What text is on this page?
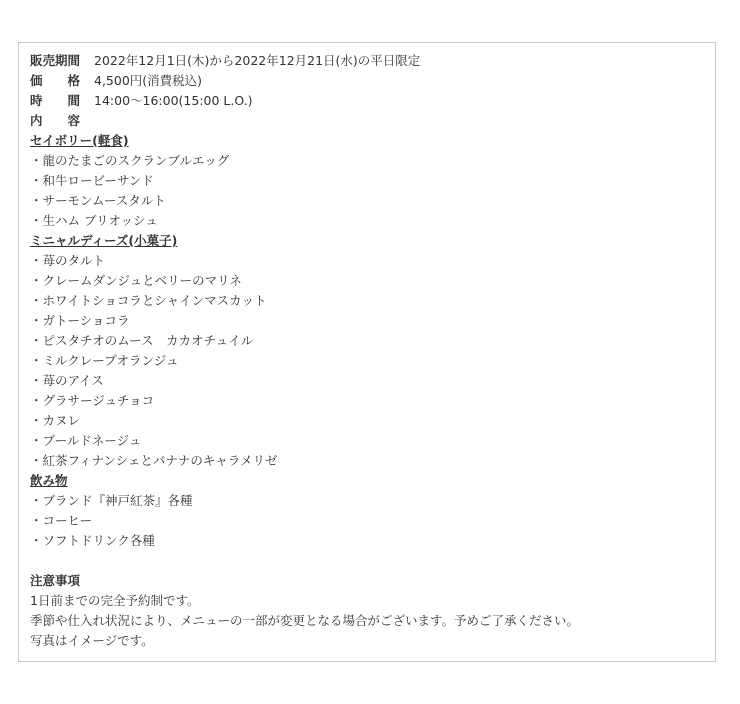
販売期間 2022年12月1日(木)から2022年12月21日(水)の平日限定
価　　格 4,500円(消費税込)
時　　間 14:00〜16:00(15:00 L.O.)
内　　容
セイボリー(軽食)
・龍のたまごのスクランブルエッグ
・和牛ロービーサンド
・サーモンムースタルト
・生ハム ブリオッシュ
ミニャルディーズ(小菓子)
・苺のタルト
・クレームダンジュとベリーのマリネ
・ホワイトショコラとシャインマスカット
・ガトーショコラ
・ピスタチオのムース　カカオチュイル
・ミルクレープオランジュ
・苺のアイス
・グラサージュチョコ
・カヌレ
・ブールドネージュ
・紅茶フィナンシェとバナナのキャラメリゼ
飲み物
・ブランド『神戸紅茶』各種
・コーヒー
・ソフトドリンク各種
注意事項
1日前までの完全予約制です。
季節や仕入れ状況により、メニューの一部が変更となる場合がございます。予めご了承ください。
写真はイメージです。
